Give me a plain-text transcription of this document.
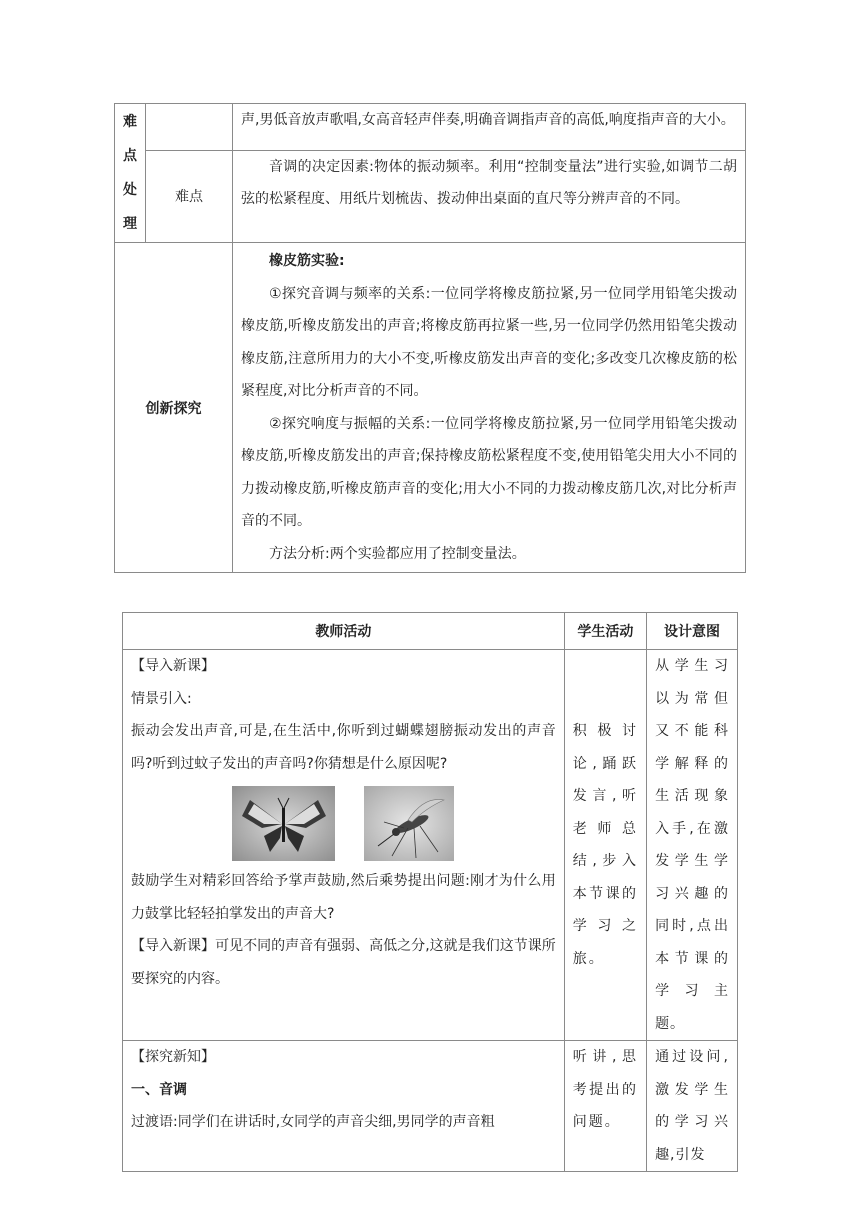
难
点
处
理		声,男低音放声歌唱,女高音轻声伴奏,明确音调指声音的高低,响度指声音的大小。

	难点	音调的决定因素:物体的振动频率。利用“控制变量法”进行实验,如调节二胡弦的松紧程度、用纸片划梳齿、拨动伸出桌面的直尺等分辨声音的不同。

创新探究		橡皮筋实验:

①探究音调与频率的关系:一位同学将橡皮筋拉紧,另一位同学用铅笔尖拨动橡皮筋,听橡皮筋发出的声音;将橡皮筋再拉紧一些,另一位同学仍然用铅笔尖拨动橡皮筋,注意所用力的大小不变,听橡皮筋发出声音的变化;多改变几次橡皮筋的松紧程度,对比分析声音的不同。

②探究响度与振幅的关系:一位同学将橡皮筋拉紧,另一位同学用铅笔尖拨动橡皮筋,听橡皮筋发出的声音;保持橡皮筋松紧程度不变,使用铅笔尖用大小不同的力拨动橡皮筋,听橡皮筋声音的变化;用大小不同的力拨动橡皮筋几次,对比分析声音的不同。

方法分析:两个实验都应用了控制变量法。

教师活动	学生活动	设计意图

【导入新课】

情景引入:

振动会发出声音,可是,在生活中,你听到过蝴蝶翅膀振动发出的声音吗?听到过蚊子发出的声音吗?你猜想是什么原因呢?

鼓励学生对精彩回答给予掌声鼓励,然后乘势提出问题:刚才为什么用力鼓掌比轻轻拍掌发出的声音大?

【导入新课】可见不同的声音有强弱、高低之分,这就是我们这节课所要探究的内容。	积极讨论,踊跃发言,听老师总结,步入本节课的学习之旅。	从学生习以为常但又不能科学解释的生活现象入手,在激发学生学习兴趣的同时,点出本节课的学习主题。

【探究新知】

一、音调

过渡语:同学们在讲话时,女同学的声音尖细,男同学的声音粗	听讲,思考提出的问题。	通过设问,激发学生的学习兴趣,引发
